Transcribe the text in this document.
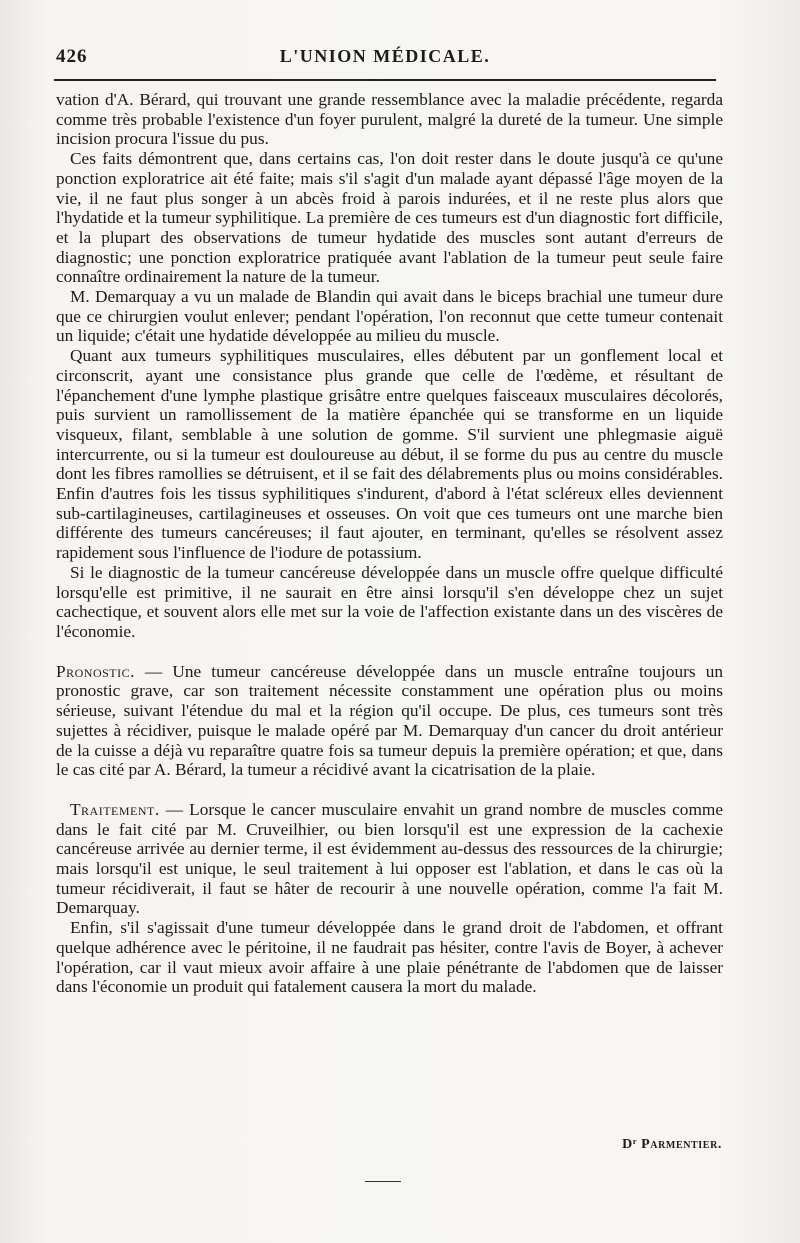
426	L'UNION MÉDICALE.

vation d'A. Bérard, qui trouvant une grande ressemblance avec la maladie précédente, regarda comme très probable l'existence d'un foyer purulent, malgré la dureté de la tumeur. Une simple incision procura l'issue du pus.

Ces faits démontrent que, dans certains cas, l'on doit rester dans le doute jusqu'à ce qu'une ponction exploratrice ait été faite; mais s'il s'agit d'un malade ayant dépassé l'âge moyen de la vie, il ne faut plus songer à un abcès froid à parois indurées, et il ne reste plus alors que l'hydatide et la tumeur syphilitique. La première de ces tumeurs est d'un diagnostic fort difficile, et la plupart des observations de tumeur hydatide des muscles sont autant d'erreurs de diagnostic; une ponction exploratrice pratiquée avant l'ablation de la tumeur peut seule faire connaître ordinairement la nature de la tumeur.

M. Demarquay a vu un malade de Blandin qui avait dans le biceps brachial une tumeur dure que ce chirurgien voulut enlever; pendant l'opération, l'on reconnut que cette tumeur contenait un liquide; c'était une hydatide développée au milieu du muscle.

Quant aux tumeurs syphilitiques musculaires, elles débutent par un gonflement local et circonscrit, ayant une consistance plus grande que celle de l'œdème, et résultant de l'épanchement d'une lymphe plastique grisâtre entre quelques faisceaux musculaires décolorés, puis survient un ramollissement de la matière épanchée qui se transforme en un liquide visqueux, filant, semblable à une solution de gomme. S'il survient une phlegmasie aiguë intercurrente, ou si la tumeur est douloureuse au début, il se forme du pus au centre du muscle dont les fibres ramollies se détruisent, et il se fait des délabrements plus ou moins considérables. Enfin d'autres fois les tissus syphilitiques s'indurent, d'abord à l'état scléreux elles deviennent sub-cartilagineuses, cartilagineuses et osseuses. On voit que ces tumeurs ont une marche bien différente des tumeurs cancéreuses; il faut ajouter, en terminant, qu'elles se résolvent assez rapidement sous l'influence de l'iodure de potassium.

Si le diagnostic de la tumeur cancéreuse développée dans un muscle offre quelque difficulté lorsqu'elle est primitive, il ne saurait en être ainsi lorsqu'il s'en développe chez un sujet cachectique, et souvent alors elle met sur la voie de l'affection existante dans un des viscères de l'économie.

Pronostic. — Une tumeur cancéreuse développée dans un muscle entraîne toujours un pronostic grave, car son traitement nécessite constamment une opération plus ou moins sérieuse, suivant l'étendue du mal et la région qu'il occupe. De plus, ces tumeurs sont très sujettes à récidiver, puisque le malade opéré par M. Demarquay d'un cancer du droit antérieur de la cuisse a déjà vu reparaître quatre fois sa tumeur depuis la première opération; et que, dans le cas cité par A. Bérard, la tumeur a récidivé avant la cicatrisation de la plaie.

Traitement. — Lorsque le cancer musculaire envahit un grand nombre de muscles comme dans le fait cité par M. Cruveilhier, ou bien lorsqu'il est une expression de la cachexie cancéreuse arrivée au dernier terme, il est évidemment au-dessus des ressources de la chirurgie; mais lorsqu'il est unique, le seul traitement à lui opposer est l'ablation, et dans le cas où la tumeur récidiverait, il faut se hâter de recourir à une nouvelle opération, comme l'a fait M. Demarquay.

Enfin, s'il s'agissait d'une tumeur développée dans le grand droit de l'abdomen, et offrant quelque adhérence avec le péritoine, il ne faudrait pas hésiter, contre l'avis de Boyer, à achever l'opération, car il vaut mieux avoir affaire à une plaie pénétrante de l'abdomen que de laisser dans l'économie un produit qui fatalement causera la mort du malade.

Dʳ Parmentier.
